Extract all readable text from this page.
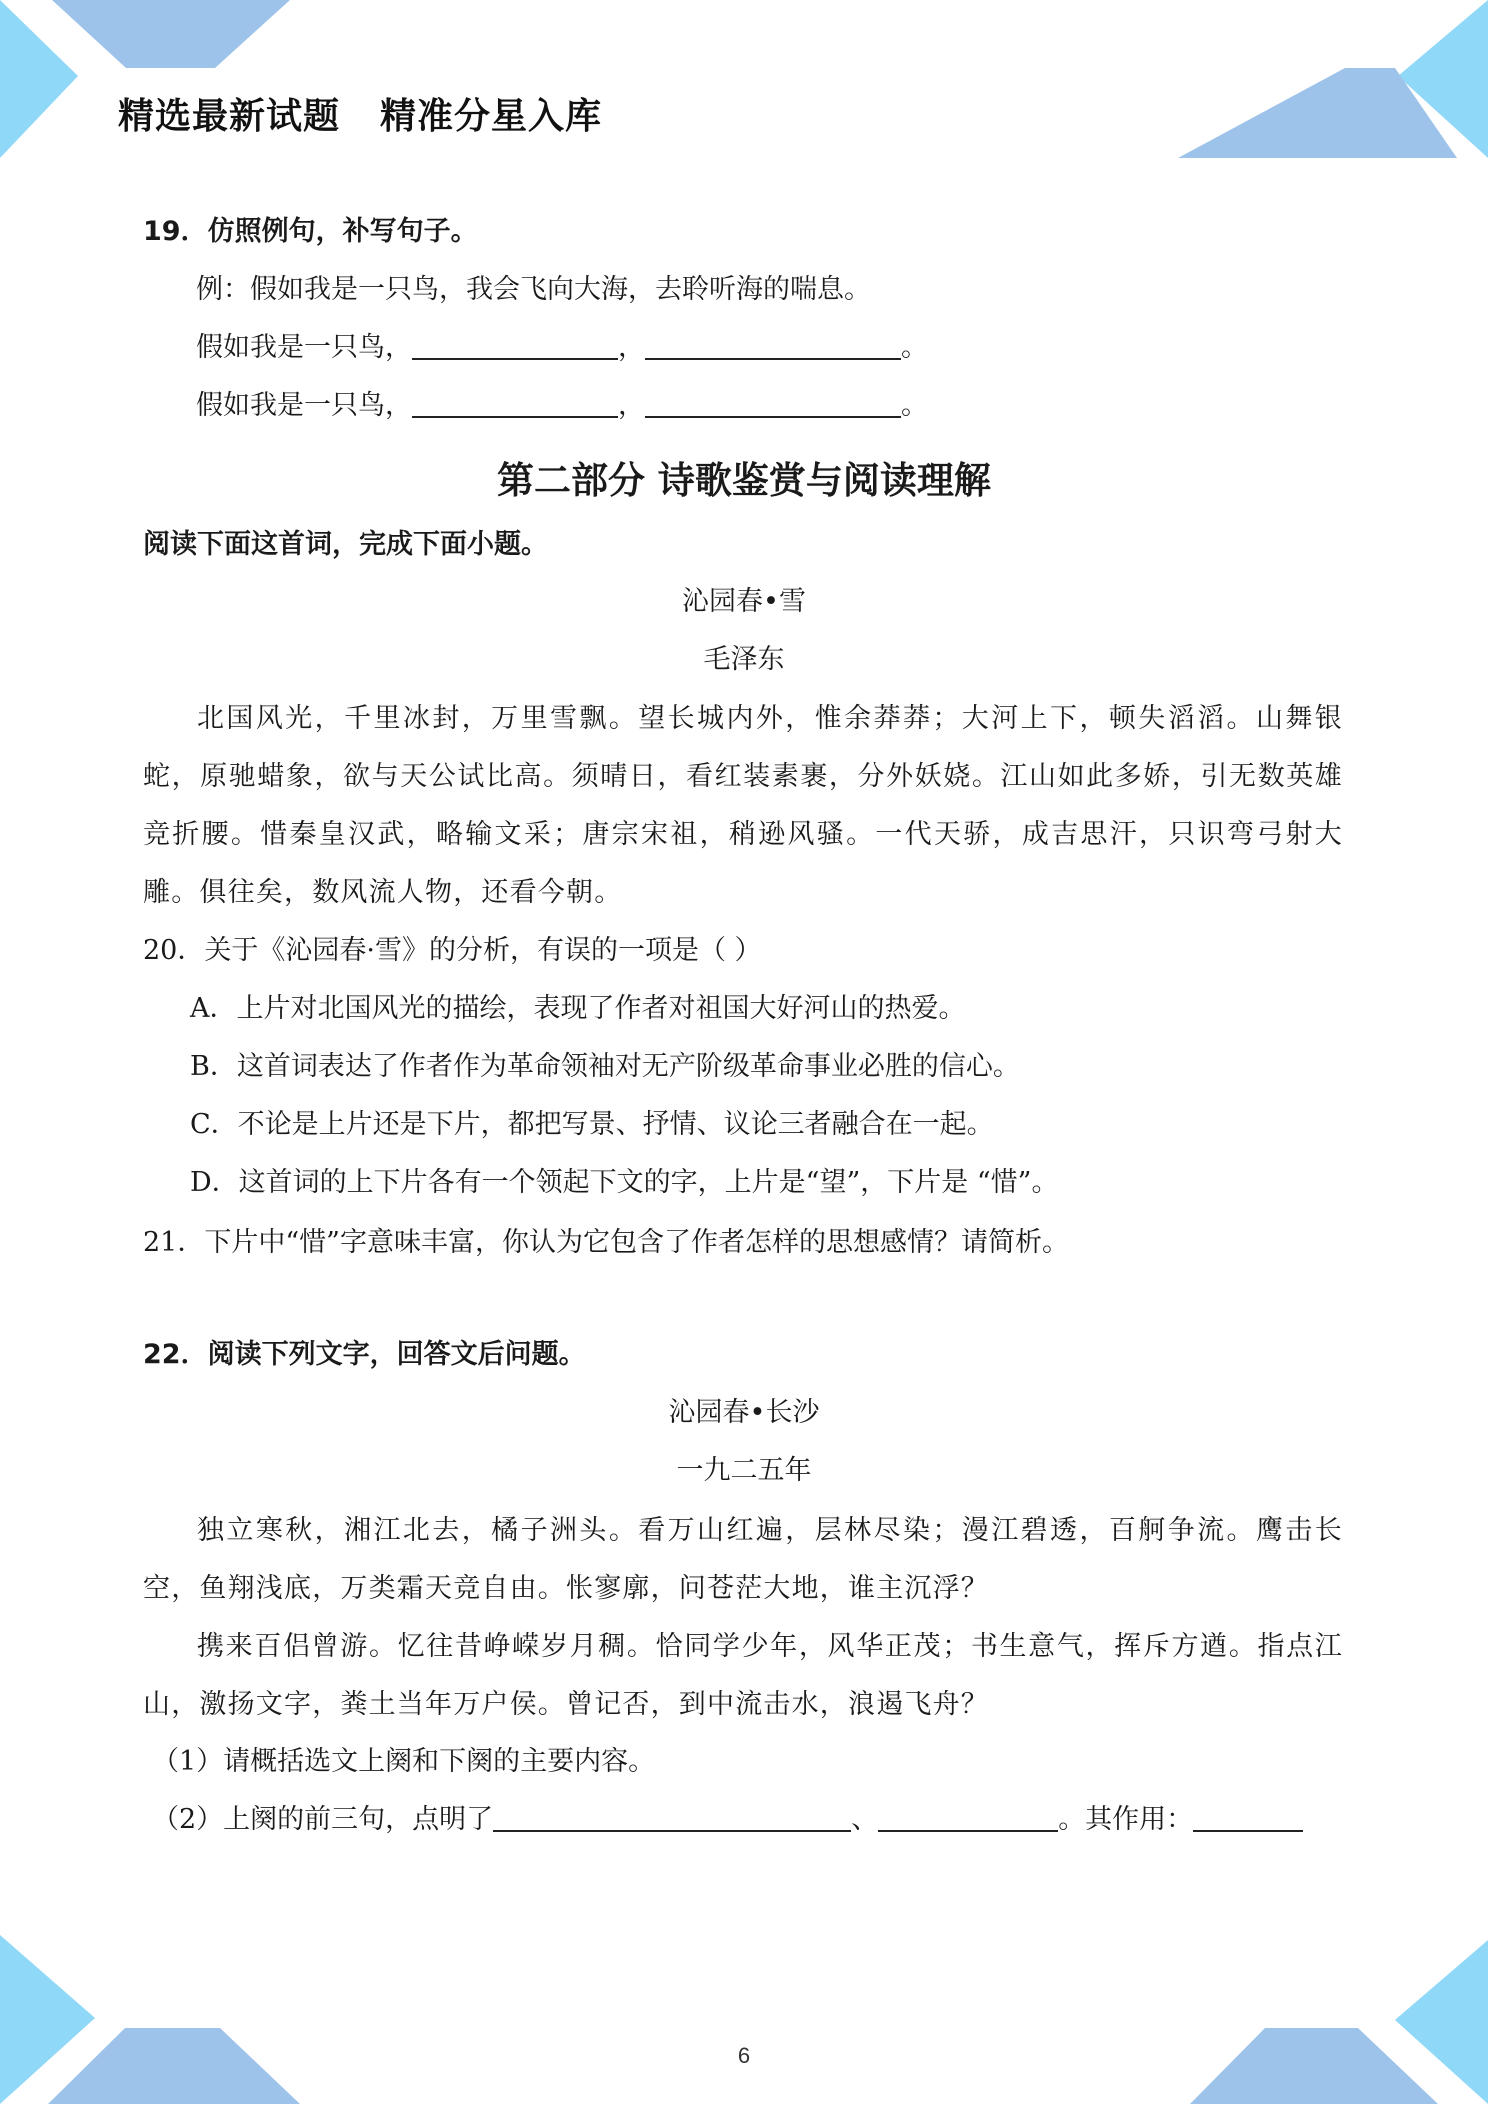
精选最新试题 精准分星入库
19．仿照例句，补写句子。
例：假如我是一只鸟，我会飞向大海，去聆听海的喘息。
假如我是一只鸟，	，	。
假如我是一只鸟，	，	。
第二部分 诗歌鉴赏与阅读理解
阅读下面这首词，完成下面小题。
沁园春•雪
毛泽东

北国风光，千里冰封，万里雪飘。望长城内外，惟余莽莽；大河上下，顿失滔滔。山舞银蛇，原驰蜡象，欲与天公试比高。须晴日，看红装素裹，分外妖娆。江山如此多娇，引无数英雄竞折腰。惜秦皇汉武，略输文采；唐宗宋祖，稍逊风骚。一代天骄，成吉思汗，只识弯弓射大雕。俱往矣，数风流人物，还看今朝。

20．关于《沁园春·雪》的分析，有误的一项是（ ）
A．上片对北国风光的描绘，表现了作者对祖国大好河山的热爱。
B．这首词表达了作者作为革命领袖对无产阶级革命事业必胜的信心。
C．不论是上片还是下片，都把写景、抒情、议论三者融合在一起。
D．这首词的上下片各有一个领起下文的字，上片是“望”，下片是 “惜”。
21．下片中“惜”字意味丰富，你认为它包含了作者怎样的思想感情？请简析。
22．阅读下列文字，回答文后问题。
沁园春•长沙
一九二五年

独立寒秋，湘江北去，橘子洲头。看万山红遍，层林尽染；漫江碧透，百舸争流。鹰击长空，鱼翔浅底，万类霜天竞自由。怅寥廓，问苍茫大地，谁主沉浮？

携来百侣曾游。忆往昔峥嵘岁月稠。恰同学少年，风华正茂；书生意气，挥斥方遒。指点江山，激扬文字，粪土当年万户侯。曾记否，到中流击水，浪遏飞舟？

（1）请概括选文上阕和下阕的主要内容。
（2）上阕的前三句，点明了	、	。其作用：
6
